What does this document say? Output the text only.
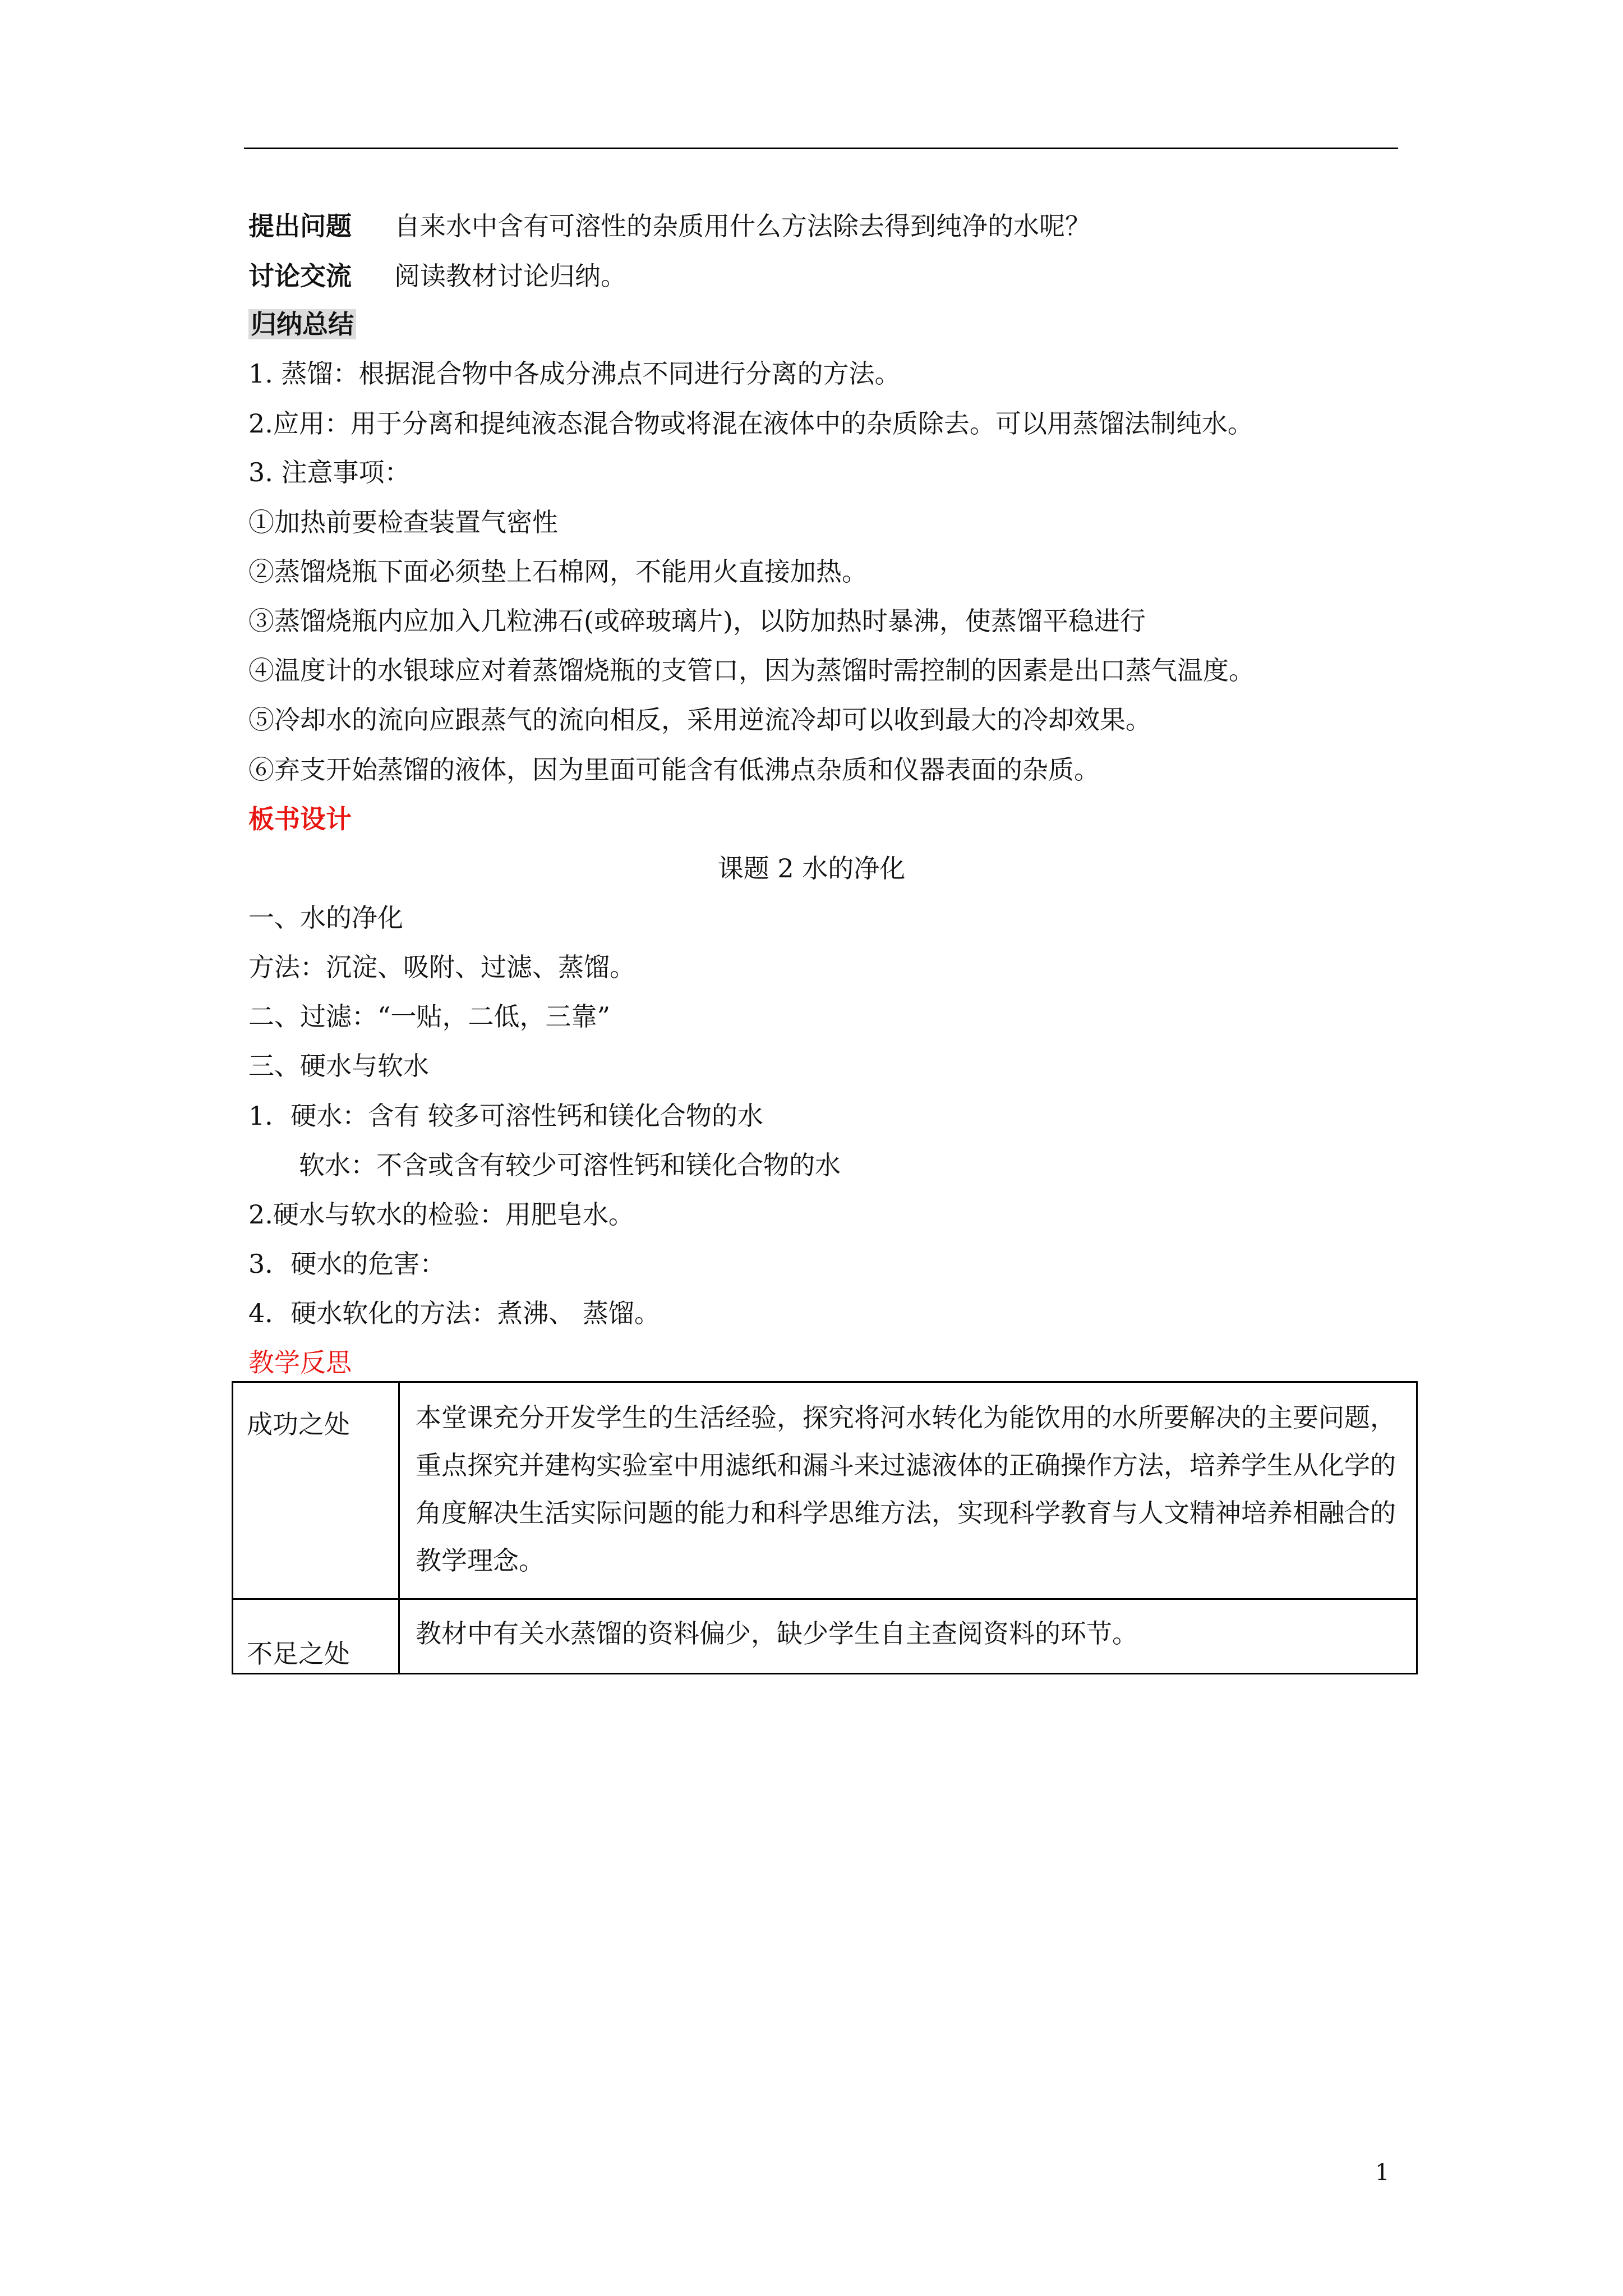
提出问题 自来水中含有可溶性的杂质用什么方法除去得到纯净的水呢？
讨论交流 阅读教材讨论归纳。
归纳总结
1. 蒸馏：根据混合物中各成分沸点不同进行分离的方法。
2.应用：用于分离和提纯液态混合物或将混在液体中的杂质除去。可以用蒸馏法制纯水。
3. 注意事项：
①加热前要检查装置气密性
②蒸馏烧瓶下面必须垫上石棉网，不能用火直接加热。
③蒸馏烧瓶内应加入几粒沸石(或碎玻璃片)，以防加热时暴沸，使蒸馏平稳进行
④温度计的水银球应对着蒸馏烧瓶的支管口，因为蒸馏时需控制的因素是出口蒸气温度。
⑤冷却水的流向应跟蒸气的流向相反，采用逆流冷却可以收到最大的冷却效果。
⑥弃支开始蒸馏的液体，因为里面可能含有低沸点杂质和仪器表面的杂质。
板书设计
课题 2 水的净化
一、水的净化
方法：沉淀、吸附、过滤、蒸馏。
二、过滤：“一贴，二低，三靠”
三、硬水与软水
1．硬水：含有 较多可溶性钙和镁化合物的水
软水：不含或含有较少可溶性钙和镁化合物的水
2.硬水与软水的检验：用肥皂水。
3．硬水的危害：
4．硬水软化的方法：煮沸、 蒸馏。
教学反思
成功之处	本堂课充分开发学生的生活经验，探究将河水转化为能饮用的水所要解决的主要问题，重点探究并建构实验室中用滤纸和漏斗来过滤液体的正确操作方法，培养学生从化学的角度解决生活实际问题的能力和科学思维方法，实现科学教育与人文精神培养相融合的教学理念。
不足之处	教材中有关水蒸馏的资料偏少，缺少学生自主查阅资料的环节。
1
